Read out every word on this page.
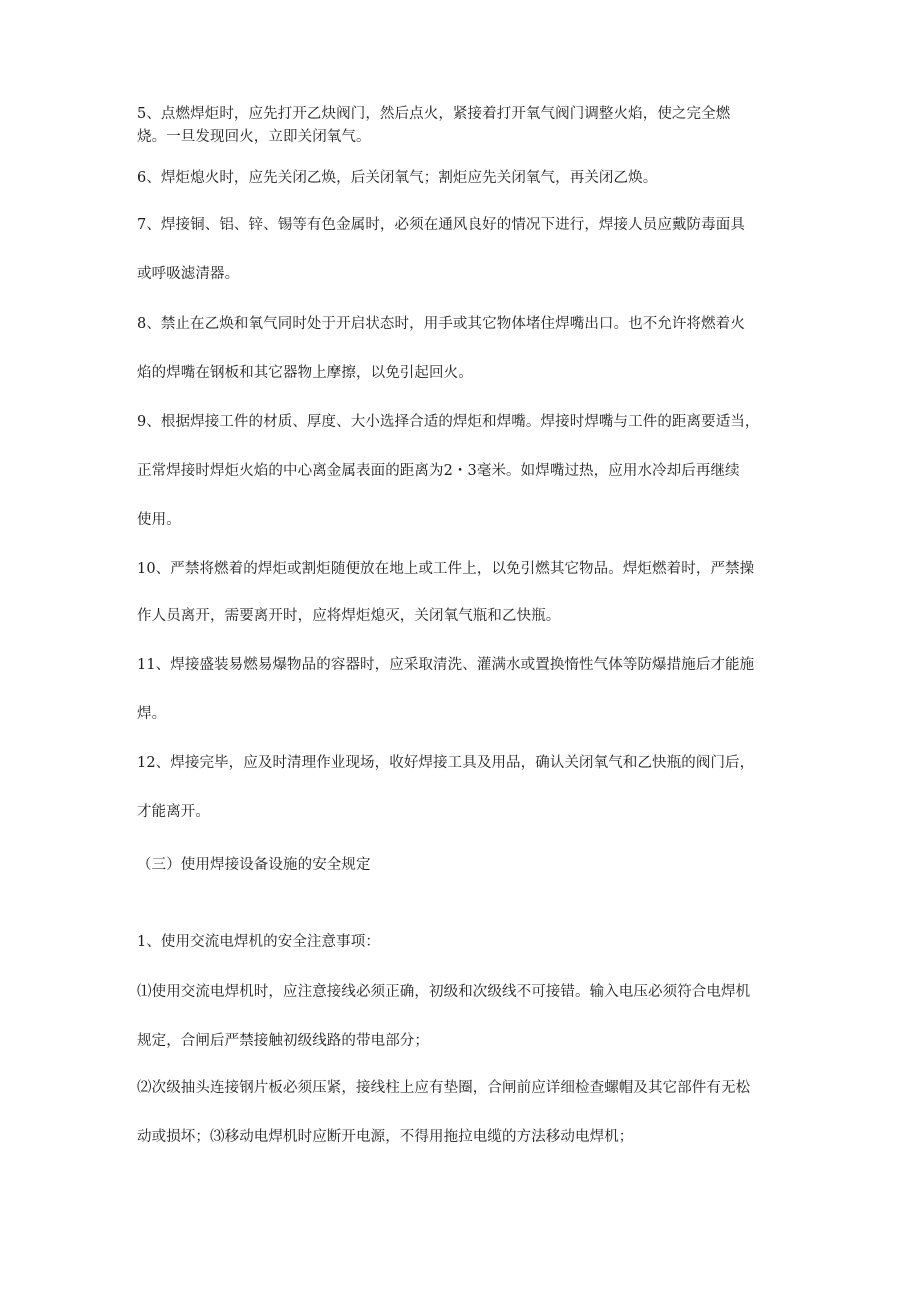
5、点燃焊炬时，应先打开乙炔阀门，然后点火，紧接着打开氧气阀门调整火焰，使之完全燃
烧。一旦发现回火，立即关闭氧气。
6、焊炬熄火时，应先关闭乙焕，后关闭氧气；割炬应先关闭氧气，再关闭乙焕。
7、焊接铜、铝、锌、锡等有色金属时，必须在通风良好的情况下进行，焊接人员应戴防毒面具
或呼吸滤清器。
8、禁止在乙焕和氧气同时处于开启状态时，用手或其它物体堵住焊嘴出口。也不允许将燃着火
焰的焊嘴在钢板和其它器物上摩擦，以免引起回火。
9、根据焊接工件的材质、厚度、大小选择合适的焊炬和焊嘴。焊接时焊嘴与工件的距离要适当，
正常焊接时焊炬火焰的中心离金属表面的距离为2・3毫米。如焊嘴过热，应用水冷却后再继续
使用。
10、严禁将燃着的焊炬或割炬随便放在地上或工件上，以免引燃其它物品。焊炬燃着时，严禁操
作人员离开，需要离开时，应将焊炬熄灭，关闭氧气瓶和乙快瓶。
11、焊接盛装易燃易爆物品的容器时，应采取清洗、灌满水或置换惰性气体等防爆措施后才能施
焊。
12、焊接完毕，应及时清理作业现场，收好焊接工具及用品，确认关闭氧气和乙快瓶的阀门后，
才能离开。
（三）使用焊接设备设施的安全规定
1、使用交流电焊机的安全注意事项：
⑴使用交流电焊机时，应注意接线必须正确，初级和次级线不可接错。输入电压必须符合电焊机
规定，合闸后严禁接触初级线路的带电部分；
⑵次级抽头连接钢片板必须压紧，接线柱上应有垫圈，合闸前应详细检查螺帽及其它部件有无松
动或损坏；⑶移动电焊机时应断开电源，不得用拖拉电缆的方法移动电焊机；
